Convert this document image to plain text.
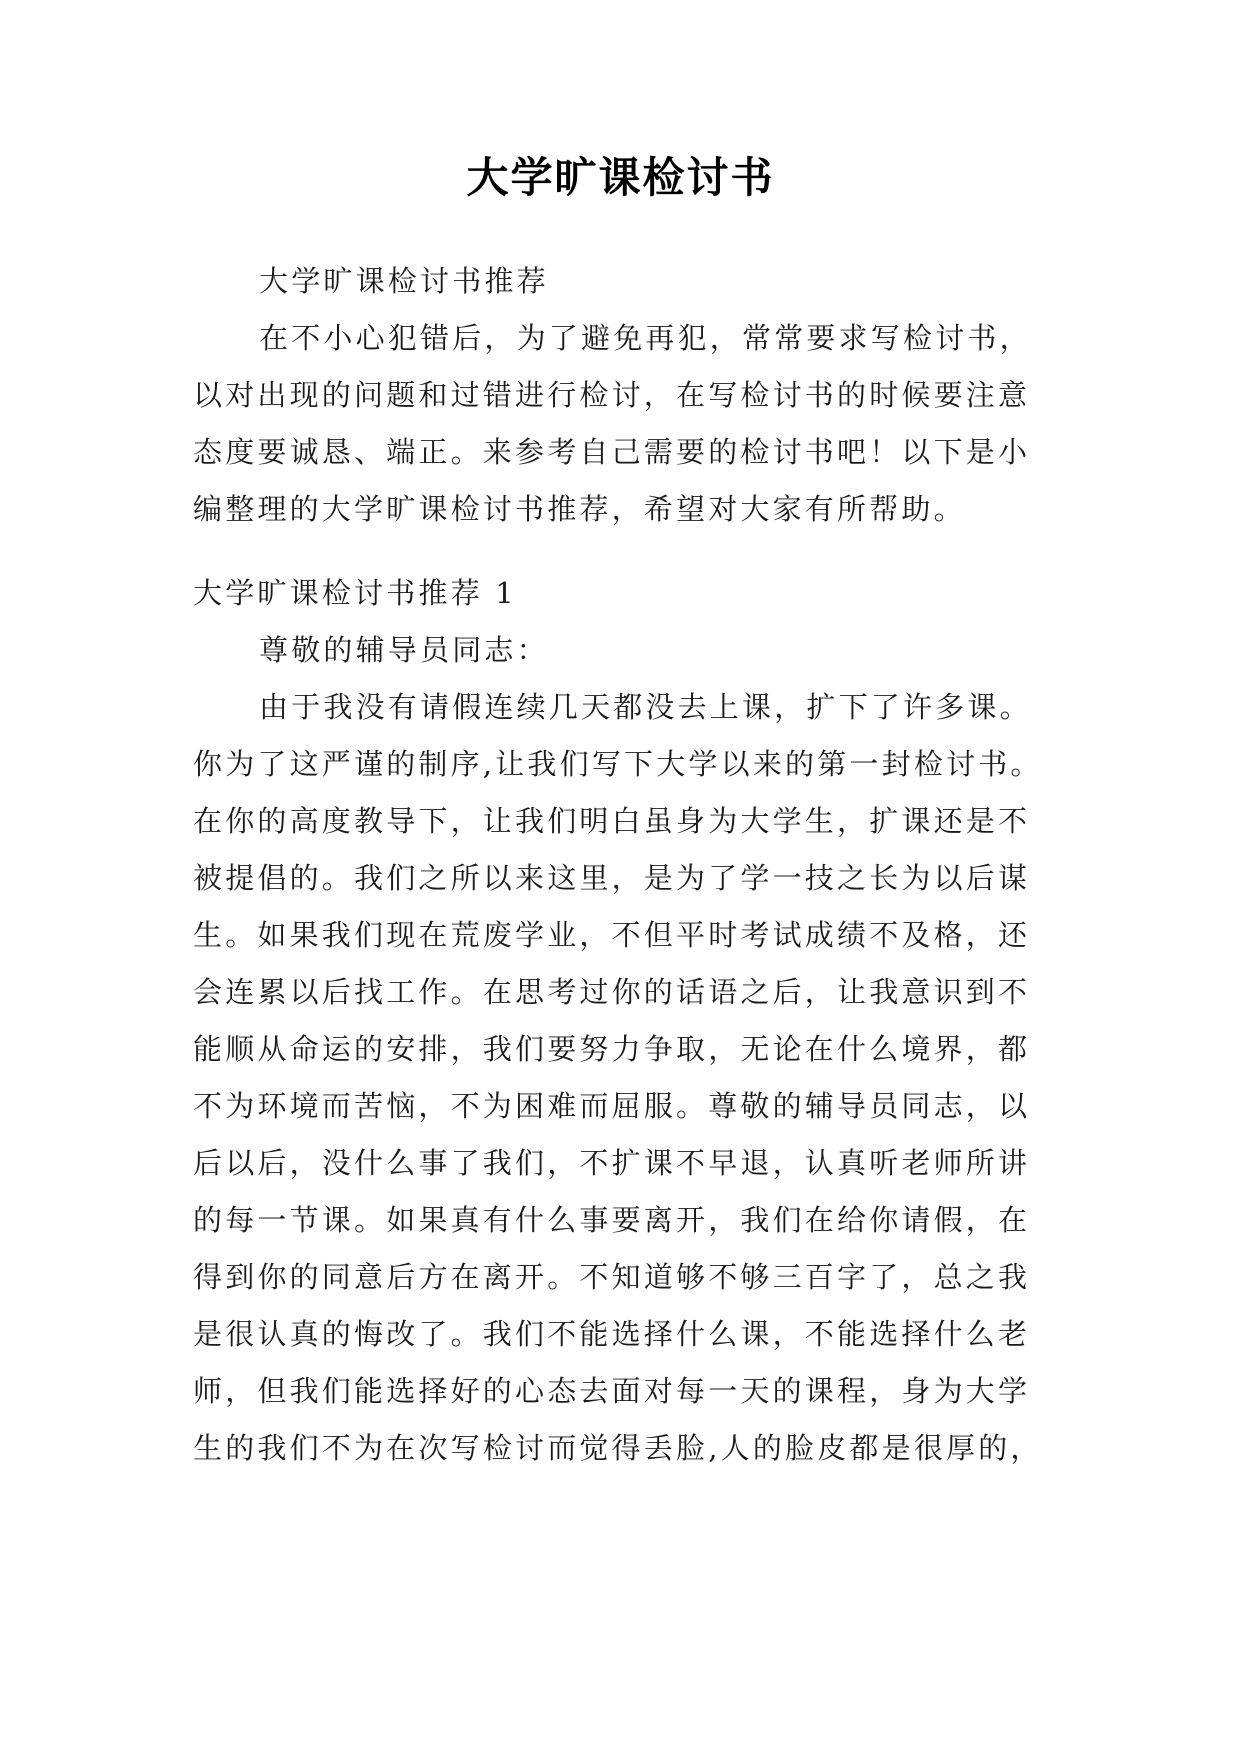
大学旷课检讨书
大学旷课检讨书推荐
在不小心犯错后，为了避免再犯，常常要求写检讨书，
以对出现的问题和过错进行检讨，在写检讨书的时候要注意
态度要诚恳、端正。来参考自己需要的检讨书吧！以下是小
编整理的大学旷课检讨书推荐，希望对大家有所帮助。
大学旷课检讨书推荐 1
尊敬的辅导员同志：
由于我没有请假连续几天都没去上课，扩下了许多课。
你为了这严谨的制序,让我们写下大学以来的第一封检讨书。
在你的高度教导下，让我们明白虽身为大学生，扩课还是不
被提倡的。我们之所以来这里，是为了学一技之长为以后谋
生。如果我们现在荒废学业，不但平时考试成绩不及格，还
会连累以后找工作。在思考过你的话语之后，让我意识到不
能顺从命运的安排，我们要努力争取，无论在什么境界，都
不为环境而苦恼，不为困难而屈服。尊敬的辅导员同志，以
后以后，没什么事了我们，不扩课不早退，认真听老师所讲
的每一节课。如果真有什么事要离开，我们在给你请假，在
得到你的同意后方在离开。不知道够不够三百字了，总之我
是很认真的悔改了。我们不能选择什么课，不能选择什么老
师，但我们能选择好的心态去面对每一天的课程，身为大学
生的我们不为在次写检讨而觉得丢脸,人的脸皮都是很厚的，
